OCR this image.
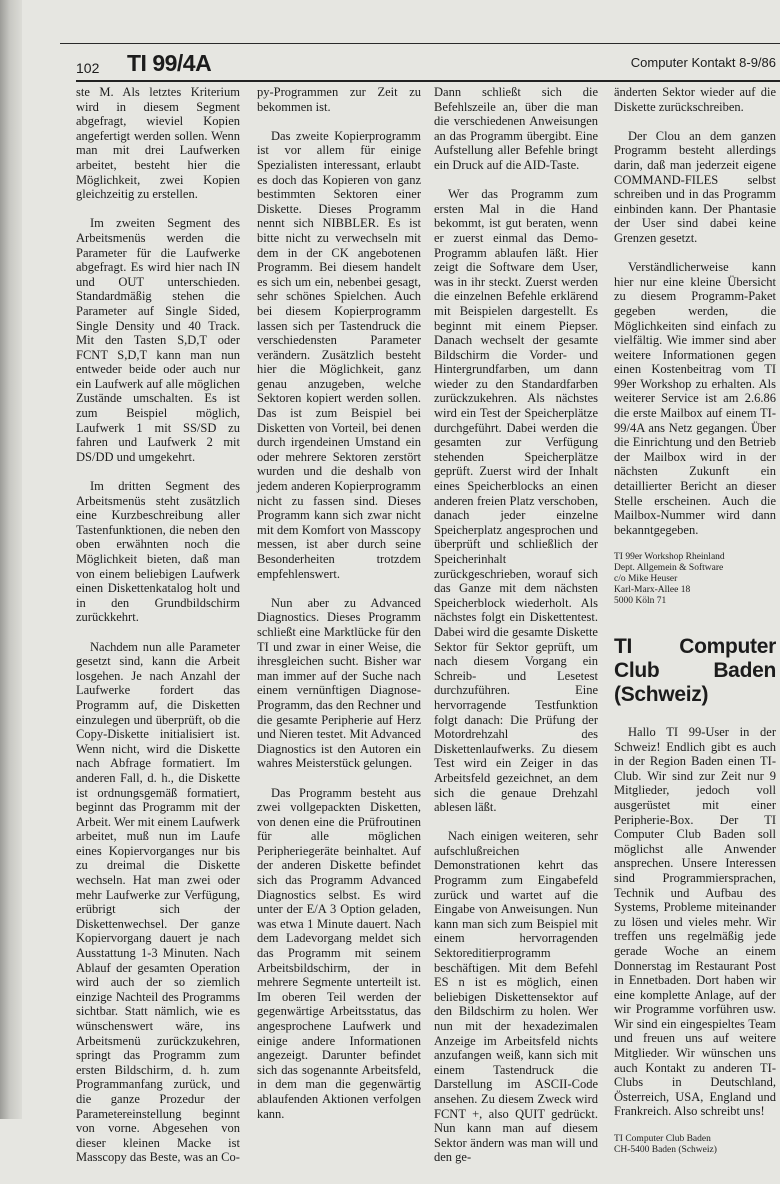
102 TI 99/4A	Computer Kontakt 8-9/86

ste M. Als letztes Kriterium wird in diesem Segment abgefragt, wieviel Kopien angefertigt werden sollen. Wenn man mit drei Laufwerken arbeitet, besteht hier die Möglichkeit, zwei Kopien gleichzeitig zu erstellen.

Im zweiten Segment des Arbeitsmenüs werden die Parameter für die Laufwerke abgefragt. Es wird hier nach IN und OUT unterschieden. Standardmäßig stehen die Parameter auf Single Sided, Single Density und 40 Track. Mit den Tasten S,D,T oder FCNT S,D,T kann man nun entweder beide oder auch nur ein Laufwerk auf alle möglichen Zustände umschalten. Es ist zum Beispiel möglich, Laufwerk 1 mit SS/SD zu fahren und Laufwerk 2 mit DS/DD und umgekehrt.

Im dritten Segment des Arbeitsmenüs steht zusätzlich eine Kurzbeschreibung aller Tastenfunktionen, die neben den oben erwähnten noch die Möglichkeit bieten, daß man von einem beliebigen Laufwerk einen Diskettenkatalog holt und in den Grundbildschirm zurückkehrt.

Nachdem nun alle Parameter gesetzt sind, kann die Arbeit losgehen. Je nach Anzahl der Laufwerke fordert das Programm auf, die Disketten einzulegen und überprüft, ob die Copy-Diskette initialisiert ist. Wenn nicht, wird die Diskette nach Abfrage formatiert. Im anderen Fall, d. h., die Diskette ist ordnungsgemäß formatiert, beginnt das Programm mit der Arbeit. Wer mit einem Laufwerk arbeitet, muß nun im Laufe eines Kopiervorganges nur bis zu dreimal die Diskette wechseln. Hat man zwei oder mehr Laufwerke zur Verfügung, erübrigt sich der Diskettenwechsel. Der ganze Kopiervorgang dauert je nach Ausstattung 1-3 Minuten. Nach Ablauf der gesamten Operation wird auch der so ziemlich einzige Nachteil des Programms sichtbar. Statt nämlich, wie es wünschenswert wäre, ins Arbeitsmenü zurückzukehren, springt das Programm zum ersten Bildschirm, d. h. zum Programmanfang zurück, und die ganze Prozedur der Parametereinstellung beginnt von vorne. Abgesehen von dieser kleinen Macke ist Masscopy das Beste, was an Co-

py-Programmen zur Zeit zu bekommen ist.

Das zweite Kopierprogramm ist vor allem für einige Spezialisten interessant, erlaubt es doch das Kopieren von ganz bestimmten Sektoren einer Diskette. Dieses Programm nennt sich NIBBLER. Es ist bitte nicht zu verwechseln mit dem in der CK angebotenen Programm. Bei diesem handelt es sich um ein, nebenbei gesagt, sehr schönes Spielchen. Auch bei diesem Kopierprogramm lassen sich per Tastendruck die verschiedensten Parameter verändern. Zusätzlich besteht hier die Möglichkeit, ganz genau anzugeben, welche Sektoren kopiert werden sollen. Das ist zum Beispiel bei Disketten von Vorteil, bei denen durch irgendeinen Umstand ein oder mehrere Sektoren zerstört wurden und die deshalb von jedem anderen Kopierprogramm nicht zu fassen sind. Dieses Programm kann sich zwar nicht mit dem Komfort von Masscopy messen, ist aber durch seine Besonderheiten trotzdem empfehlenswert.

Nun aber zu Advanced Diagnostics. Dieses Programm schließt eine Marktlücke für den TI und zwar in einer Weise, die ihresgleichen sucht. Bisher war man immer auf der Suche nach einem vernünftigen Diagnose-Programm, das den Rechner und die gesamte Peripherie auf Herz und Nieren testet. Mit Advanced Diagnostics ist den Autoren ein wahres Meisterstück gelungen.

Das Programm besteht aus zwei vollgepackten Disketten, von denen eine die Prüfroutinen für alle möglichen Peripheriegeräte beinhaltet. Auf der anderen Diskette befindet sich das Programm Advanced Diagnostics selbst. Es wird unter der E/A 3 Option geladen, was etwa 1 Minute dauert. Nach dem Ladevorgang meldet sich das Programm mit seinem Arbeitsbildschirm, der in mehrere Segmente unterteilt ist. Im oberen Teil werden der gegenwärtige Arbeitsstatus, das angesprochene Laufwerk und einige andere Informationen angezeigt. Darunter befindet sich das sogenannte Arbeitsfeld, in dem man die gegenwärtig ablaufenden Aktionen verfolgen kann.

Dann schließt sich die Befehlszeile an, über die man die verschiedenen Anweisungen an das Programm übergibt. Eine Aufstellung aller Befehle bringt ein Druck auf die AID-Taste.

Wer das Programm zum ersten Mal in die Hand bekommt, ist gut beraten, wenn er zuerst einmal das Demo-Programm ablaufen läßt. Hier zeigt die Software dem User, was in ihr steckt. Zuerst werden die einzelnen Befehle erklärend mit Beispielen dargestellt. Es beginnt mit einem Piepser. Danach wechselt der gesamte Bildschirm die Vorder- und Hintergrundfarben, um dann wieder zu den Standardfarben zurückzukehren. Als nächstes wird ein Test der Speicherplätze durchgeführt. Dabei werden die gesamten zur Verfügung stehenden Speicherplätze geprüft. Zuerst wird der Inhalt eines Speicherblocks an einen anderen freien Platz verschoben, danach jeder einzelne Speicherplatz angesprochen und überprüft und schließlich der Speicherinhalt zurückgeschrieben, worauf sich das Ganze mit dem nächsten Speicherblock wiederholt. Als nächstes folgt ein Diskettentest. Dabei wird die gesamte Diskette Sektor für Sektor geprüft, um nach diesem Vorgang ein Schreib- und Lesetest durchzuführen. Eine hervorragende Testfunktion folgt danach: Die Prüfung der Motordrehzahl des Diskettenlaufwerks. Zu diesem Test wird ein Zeiger in das Arbeitsfeld gezeichnet, an dem sich die genaue Drehzahl ablesen läßt.

Nach einigen weiteren, sehr aufschlußreichen Demonstrationen kehrt das Programm zum Eingabefeld zurück und wartet auf die Eingabe von Anweisungen. Nun kann man sich zum Beispiel mit einem hervorragenden Sektoreditierprogramm beschäftigen. Mit dem Befehl ES n ist es möglich, einen beliebigen Diskettensektor auf den Bildschirm zu holen. Wer nun mit der hexadezimalen Anzeige im Arbeitsfeld nichts anzufangen weiß, kann sich mit einem Tastendruck die Darstellung im ASCII-Code ansehen. Zu diesem Zweck wird FCNT +, also QUIT gedrückt. Nun kann man auf diesem Sektor ändern was man will und den ge-

änderten Sektor wieder auf die Diskette zurückschreiben.

Der Clou an dem ganzen Programm besteht allerdings darin, daß man jederzeit eigene COMMAND-FILES selbst schreiben und in das Programm einbinden kann. Der Phantasie der User sind dabei keine Grenzen gesetzt.

Verständlicherweise kann hier nur eine kleine Übersicht zu diesem Programm-Paket gegeben werden, die Möglichkeiten sind einfach zu vielfältig. Wie immer sind aber weitere Informationen gegen einen Kostenbeitrag vom TI 99er Workshop zu erhalten. Als weiterer Service ist am 2.6.86 die erste Mailbox auf einem TI-99/4A ans Netz gegangen. Über die Einrichtung und den Betrieb der Mailbox wird in der nächsten Zukunft ein detaillierter Bericht an dieser Stelle erscheinen. Auch die Mailbox-Nummer wird dann bekanntgegeben.

TI 99er Workshop Rheinland
Dept. Allgemein & Software
c/o Mike Heuser
Karl-Marx-Allee 18
5000 Köln 71
TI Computer Club Baden (Schweiz)

Hallo TI 99-User in der Schweiz! Endlich gibt es auch in der Region Baden einen TI-Club. Wir sind zur Zeit nur 9 Mitglieder, jedoch voll ausgerüstet mit einer Peripherie-Box. Der TI Computer Club Baden soll möglichst alle Anwender ansprechen. Unsere Interessen sind Programmiersprachen, Technik und Aufbau des Systems, Probleme miteinander zu lösen und vieles mehr. Wir treffen uns regelmäßig jede gerade Woche an einem Donnerstag im Restaurant Post in Ennetbaden. Dort haben wir eine komplette Anlage, auf der wir Programme vorführen usw. Wir sind ein eingespieltes Team und freuen uns auf weitere Mitglieder. Wir wünschen uns auch Kontakt zu anderen TI-Clubs in Deutschland, Österreich, USA, England und Frankreich. Also schreibt uns!

TI Computer Club Baden
CH-5400 Baden (Schweiz)
